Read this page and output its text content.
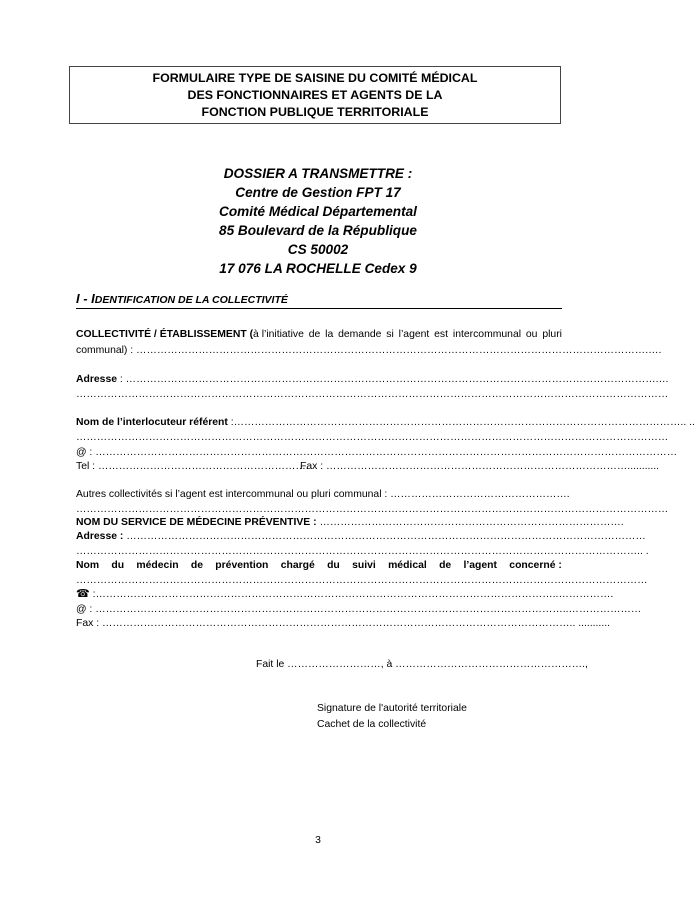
FORMULAIRE TYPE DE SAISINE DU COMITÉ MÉDICAL
DES FONCTIONNAIRES ET AGENTS DE LA
FONCTION PUBLIQUE TERRITORIALE
DOSSIER A TRANSMETTRE :
Centre de Gestion FPT 17
Comité Médical Départemental
85 Boulevard de la République
CS 50002
17 076 LA ROCHELLE Cedex 9
I - IDENTIFICATION DE LA COLLECTIVITÉ
COLLECTIVITÉ / ÉTABLISSEMENT (à l’initiative de la demande si l’agent est intercommunal ou pluri
communal) : ………………………………………………………………………………………………………………………………….….
Adresse : ……………………………………………………………………………………………………………………………………….…
………………………………………………………………………………………………………………………………………………………
Nom de l’interlocuteur référent :………………………………………………………………………………………………………………….. ..
………………………………………………………………………………………………………………………………………………………
@ : ……………………………………………………………………………………………………………………………………………………
Tel : …………………………………………………….
Fax : ……………………………………………………………………………...........
Autres collectivités si l’agent est intercommunal ou pluri communal : …………………………………………….
………………………………………………………………………………………………………………………………………………………
NOM DU SERVICE DE MÉDECINE PRÉVENTIVE : …………………………………………………………………………….
Adresse : ……………………………………………………………………………………………………………………………………
……………………………………………………………………………………………………………………………………………….. .
Nom du médecin de prévention chargé du suivi médical de l’agent concerné :
…………………………………………………………………………………………………………………………………………………
☎ :……………………………………………………………………………………………………………………..…………….
@ : ………………………………………………………………………………………………………………………..…………………
Fax : ……………………………………………………………………………………………………………………….. ...........
Fait le ………………………, à ……………………………………………….,
Signature de l'autorité territoriale
Cachet de la collectivité
3
